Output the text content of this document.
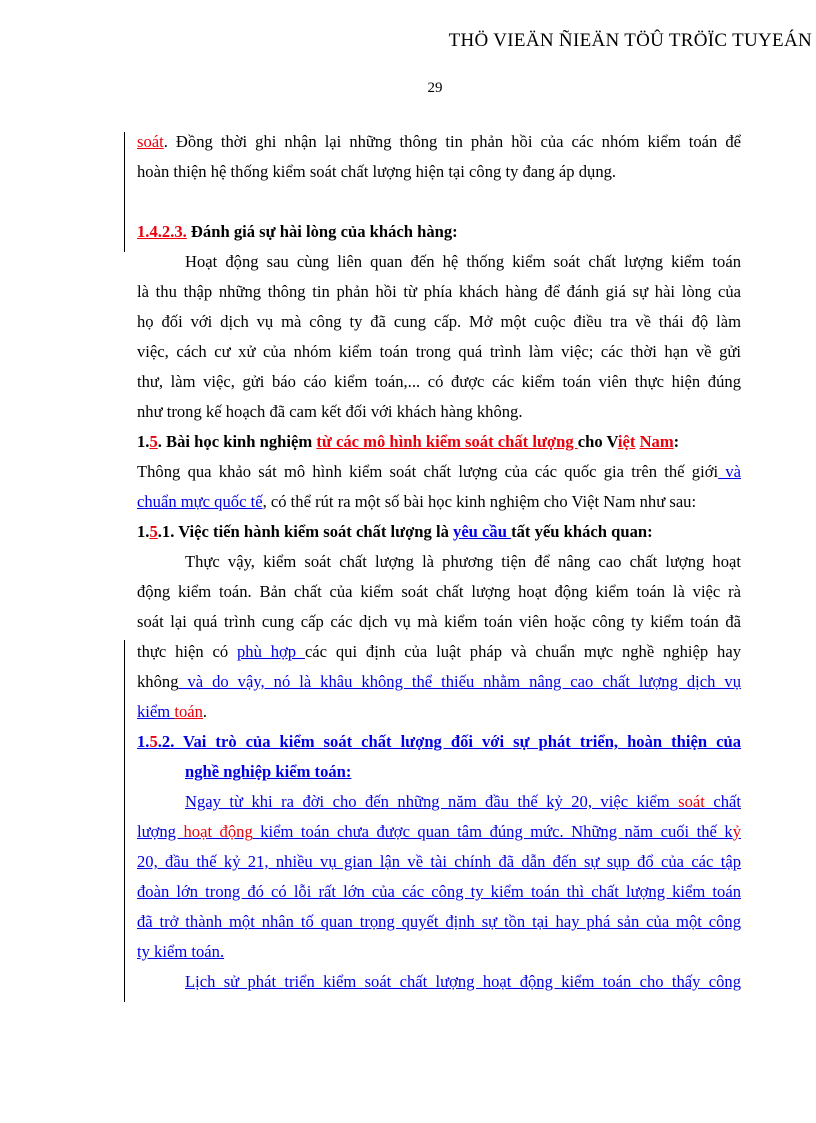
THÖ VIEÄN ÑIEÄN TÖÛ TRÖÏC TUYEÁN
29
soát. Đồng thời ghi nhận lại những thông tin phản hồi của các nhóm kiểm toán để
hoàn thiện hệ thống kiểm soát chất lượng hiện tại công ty đang áp dụng.
1.4.2.3. Đánh giá sự hài lòng của khách hàng:
Hoạt động sau cùng liên quan đến hệ thống kiểm soát chất lượng kiểm toán
là thu thập những thông tin phản hồi từ phía khách hàng để đánh giá sự hài lòng của
họ đối với dịch vụ mà công ty đã cung cấp. Mở một cuộc điều tra về thái độ làm
việc, cách cư xử của nhóm kiểm toán trong quá trình làm việc; các thời hạn về gửi
thư, làm việc, gửi báo cáo kiểm toán,... có được các kiểm toán viên thực hiện đúng
như trong kế hoạch đã cam kết đối với khách hàng không.
1.5. Bài học kinh nghiệm từ các mô hình kiểm soát chất lượng cho Việt Nam:
Thông qua khảo sát mô hình kiểm soát chất lượng của các quốc gia trên thế giới và
chuẩn mực quốc tế, có thể rút ra một số bài học kinh nghiệm cho Việt Nam như sau:
1.5.1. Việc tiến hành kiểm soát chất lượng là yêu cầu tất yếu khách quan:
Thực vậy, kiểm soát chất lượng là phương tiện để nâng cao chất lượng hoạt
động kiểm toán. Bản chất của kiểm soát chất lượng hoạt động kiểm toán là việc rà
soát lại quá trình cung cấp các dịch vụ mà kiểm toán viên hoặc công ty kiểm toán đã
thực hiện có phù hợp các qui định của luật pháp và chuẩn mực nghề nghiệp hay
không và do vậy, nó là khâu không thể thiếu nhằm nâng cao chất lượng dịch vụ
kiểm toán.
1.5.2. Vai trò của kiểm soát chất lượng đối với sự phát triển, hoàn thiện của
nghề nghiệp kiểm toán:
Ngay từ khi ra đời cho đến những năm đầu thế kỷ 20, việc kiểm soát chất
lượng hoạt động kiểm toán chưa được quan tâm đúng mức. Những năm cuối thế kỷ
20, đầu thế kỷ 21, nhiều vụ gian lận về tài chính đã dẫn đến sự sụp đổ của các tập
đoàn lớn trong đó có lỗi rất lớn của các công ty kiểm toán thì chất lượng kiểm toán
đã trở thành một nhân tố quan trọng quyết định sự tồn tại hay phá sản của một công
ty kiểm toán.
Lịch sử phát triển kiểm soát chất lượng hoạt động kiểm toán cho thấy công
